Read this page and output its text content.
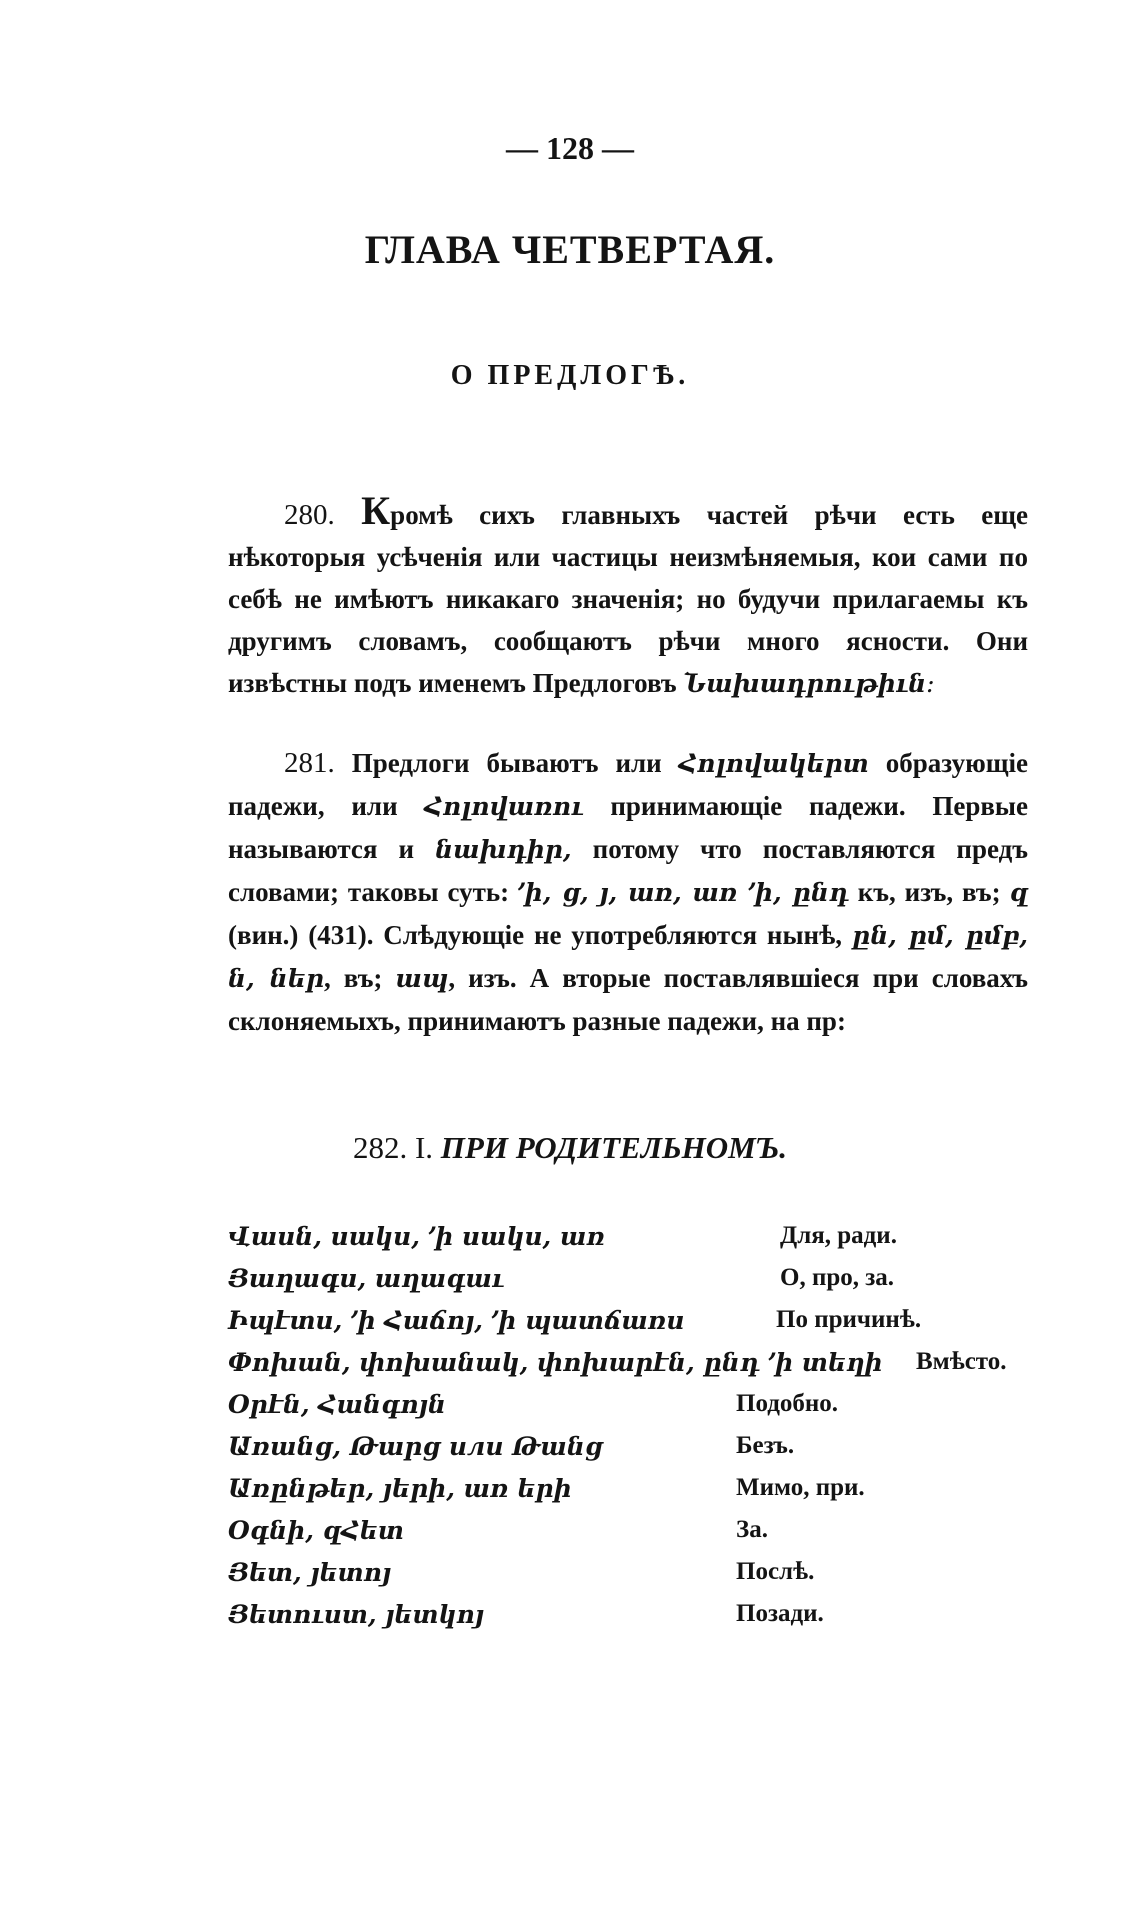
— 128 —
ГЛАВА ЧЕТВЕРТАЯ.
О ПРЕДЛОГѢ.

280. Кромѣ сихъ главныхъ частей рѣчи есть еще нѣкоторыя усѣченія или частицы неизмѣняемыя, кои сами по себѣ не имѣютъ никакаго значенія; но будучи прилагаемы къ другимъ словамъ, сообщаютъ рѣчи много ясности. Они извѣстны подъ именемъ Предлоговъ Նախադրութիւն։

281. Предлоги бываютъ или Հոլովակերտ образующіе падежи, или Հոլովառու принимающіе падежи. Первые называются и նախդիր, потому что поставляются предъ словами; таковы суть: ՚ի, ց, յ, առ, առ ՚ի, ընդ къ, изъ, въ; զ (вин.) (431). Слѣдующіе не употребляются нынѣ, ըն, ըմ, ըմբ, ն, ներ, въ; ապ, изъ. А вторые поставлявшіеся при словахъ склоняемыхъ, принимаютъ разные падежи, на пр:

282. I. ПРИ РОДИТЕЛЬНОМЪ.
Վասն, սակս, ՚ի սակս, առ	Для, ради.
Յաղագս, աղագաւ	О, про, за.
Իպէտս, ՚ի Հաճոյ, ՚ի պատճառս	По причинѣ.
Փոխան, փոխանակ, փոխարէն, ընդ ՚ի տեղի Вмѣсто.
Օրէն, Հանգոյն	Подобно.
Առանց, Թարց или Թանց	Безъ.
Առընթեր, յերի, առ երի	Мимо, при.
Օգնի, զՀետ	За.
Յետ, յետոյ	Послѣ.
Յետուստ, յետկոյ	Позади.
